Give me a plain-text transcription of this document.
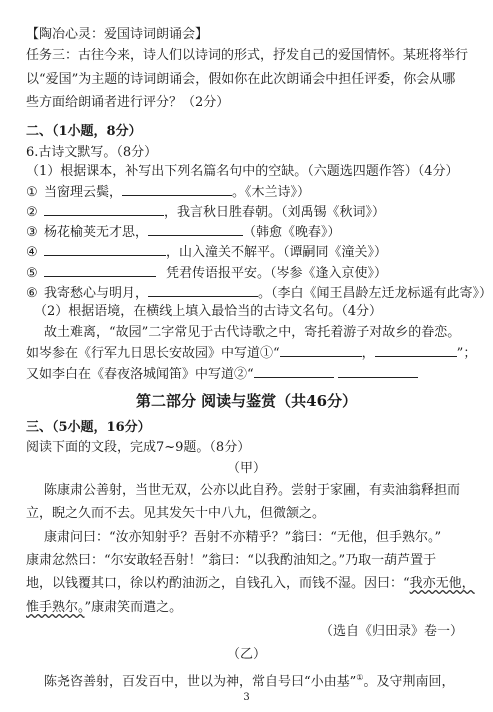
【陶冶心灵：爱国诗词朗诵会】
任务三：古往今来，诗人们以诗词的形式，抒发自己的爱国情怀。某班将举行
以“爱国”为主题的诗词朗诵会，假如你在此次朗诵会中担任评委，你会从哪
些方面给朗诵者进行评分？（2分）
二、（1小题，8分）
6.古诗文默写。（8分）
（1）根据课本，补写出下列名篇名句中的空缺。（六题选四题作答）（4分）
① 当窗理云鬓，	。《木兰诗》）
②	，我言秋日胜春朝。（刘禹锡《秋词》）
③ 杨花榆荚无才思，	（韩愈《晚春》）
④	，山入潼关不解平。（谭嗣同《潼关》）
⑤	凭君传语报平安。（岑参《逢入京使》）
⑥ 我寄愁心与明月，	。（李白《闻王昌龄左迁龙标遥有此寄》）
（2）根据语境，在横线上填入最恰当的古诗文名句。（4分）
故土难离，“故园”二字常见于古代诗歌之中，寄托着游子对故乡的眷恋。
如岑参在《行军九日思长安故园》中写道①“	，	”；
又如李白在《春夜洛城闻笛》中写道②“
第二部分 阅读与鉴赏（共46分）
三、（5小题，16分）
阅读下面的文段，完成7~9题。（8分）
（甲）
陈康肃公善射，当世无双，公亦以此自矜。尝射于家圃，有卖油翁释担而
立，睨之久而不去。见其发矢十中八九，但微颔之。
康肃问曰：“汝亦知射乎？吾射不亦精乎？”翁曰：“无他，但手熟尔。”
康肃忿然曰：“尔安敢轻吾射！”翁曰：“以我酌油知之。”乃取一葫芦置于
地，以钱覆其口，徐以杓酌油沥之，自钱孔入，而钱不湿。因曰：“我亦无他，
惟手熟尔。”康肃笑而遣之。
（选自《归田录》卷一）
（乙）
陈尧咨善射，百发百中，世以为神，常自号曰“小由基”①。及守荆南回，
3
